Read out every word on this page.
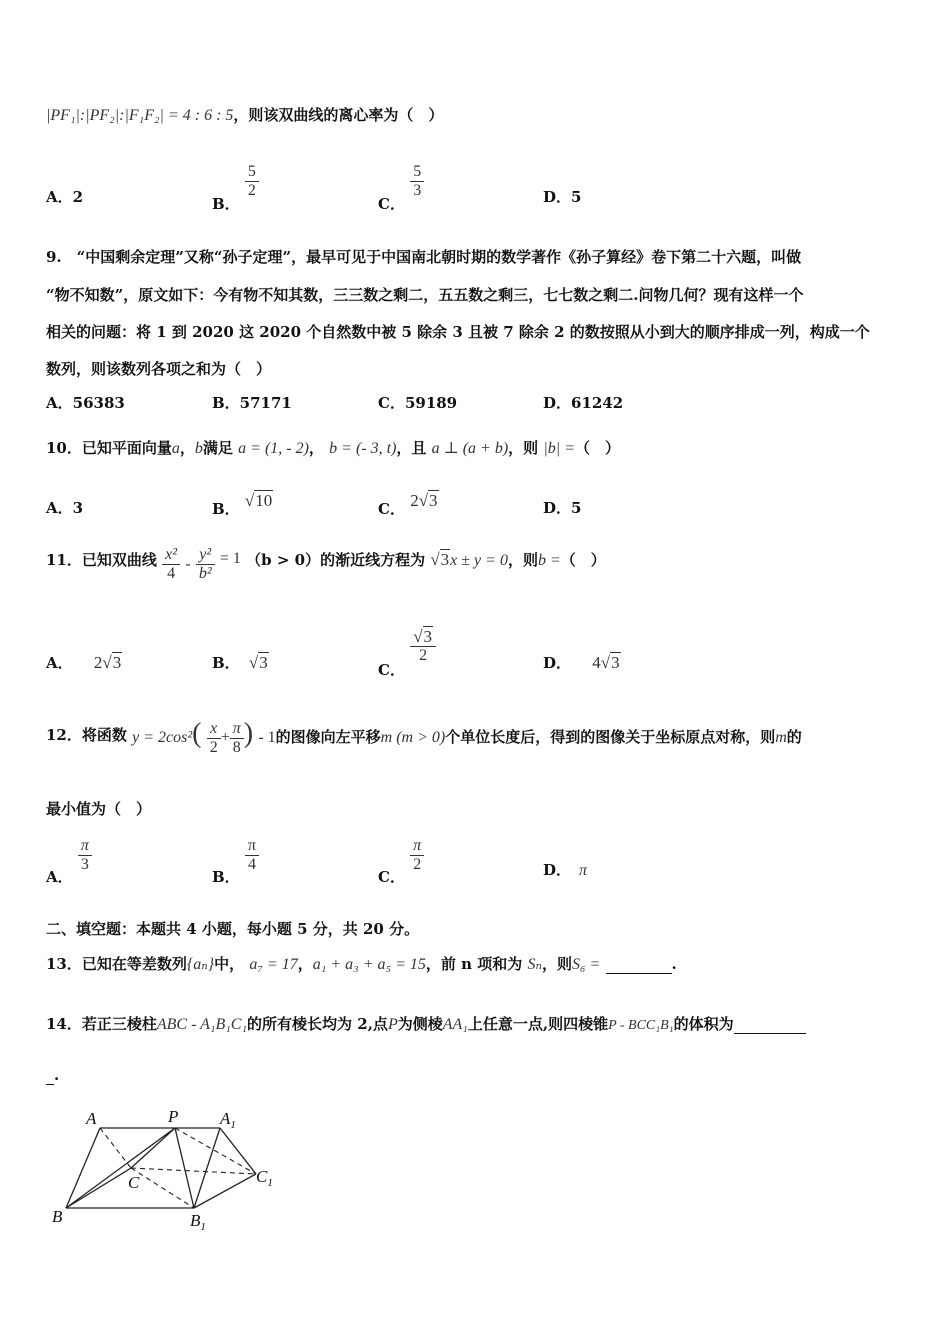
|PF₁|:|PF₂|:|F₁F₂| = 4 : 6 : 5，则该双曲线的离心率为（　）
A．2	B．
$\frac{5}{2}$
C．
$\frac{5}{3}$	D．5
9.　“中国剩余定理”又称“孙子定理”，最早可见于中国南北朝时期的数学著作《孙子算经》卷下第二十六题，叫做
“物不知数”，原文如下：今有物不知其数，三三数之剩二，五五数之剩三，七七数之剩二.问物几何？现有这样一个
相关的问题：将 1 到 2020 这 2020 个自然数中被 5 除余 3 且被 7 除余 2 的数按照从小到大的顺序排成一列，构成一个
数列，则该数列各项之和为（　）
A．56383	B．57171	C．59189	D．61242
10．已知平面向量a，b满足 a = (1, - 2)， b = (- 3, t)，且 a ⊥ (a + b)，则 |b| =（　）
A．3	B． √10	C． 2√3	D．5
11．已知双曲线 $\frac{\text{x²}}{4} - \frac{\text{y²}}{\text{b²}} = 1$ （b > 0）的渐近线方程为 √3x ± y = 0，则b =（　）
A． 2√3	B． √3	C．
$\frac{√3}{2}$	D． 4√3
12．将函数 $y = 2\cos^2( \frac{x}{2} + \frac{\pi}{8}$ ) - 1的图像向左平移m (m > 0)个单位长度后，得到的图像关于坐标原点对称，则m的
最小值为（　）
A．
$\frac{\pi}{3}$
B．
$\frac{\pi}{4}$
C．
$\frac{\pi}{2}$	D． π
二、填空题：本题共 4 小题，每小题 5 分，共 20 分。
13．已知在等差数列{aₙ}中， a₇ = 17，a₁ + a₃ + a₅ = 15，前 n 项和为 Sₙ，则S₆ =	.
14．若正三棱柱ABC - A₁B₁C₁的所有棱长均为 2,点P为侧棱AA₁上任意一点,则四棱锥P - BCC₁B₁的体积为
.
A	P $A_1$
C	$C_1$
B	$B_1$
